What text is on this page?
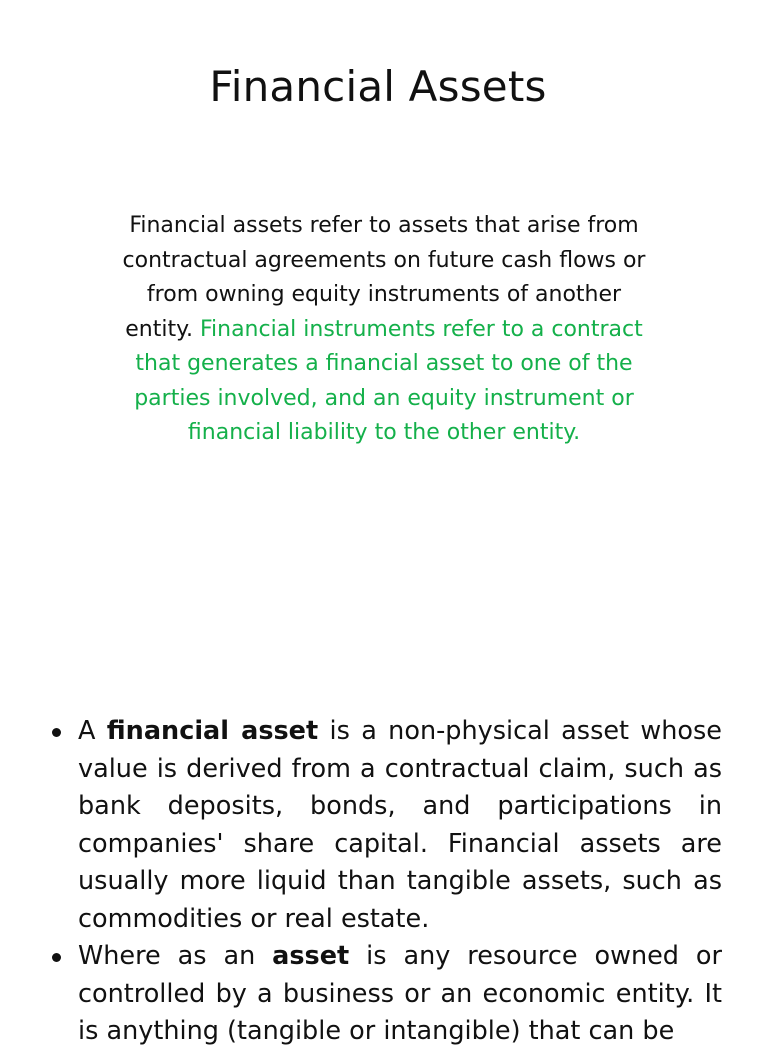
Financial Assets

Financial assets refer to assets that arise from contractual agreements on future cash flows or from owning equity instruments of another entity. Financial instruments refer to a contract that generates a financial asset to one of the parties involved, and an equity instrument or financial liability to the other entity.

A financial asset is a non-physical asset whose value is derived from a contractual claim, such as bank deposits, bonds, and participations in companies' share capital. Financial assets are usually more liquid than tangible assets, such as commodities or real estate.
Where as an asset is any resource owned or controlled by a business or an economic entity. It is anything (tangible or intangible) that can be
